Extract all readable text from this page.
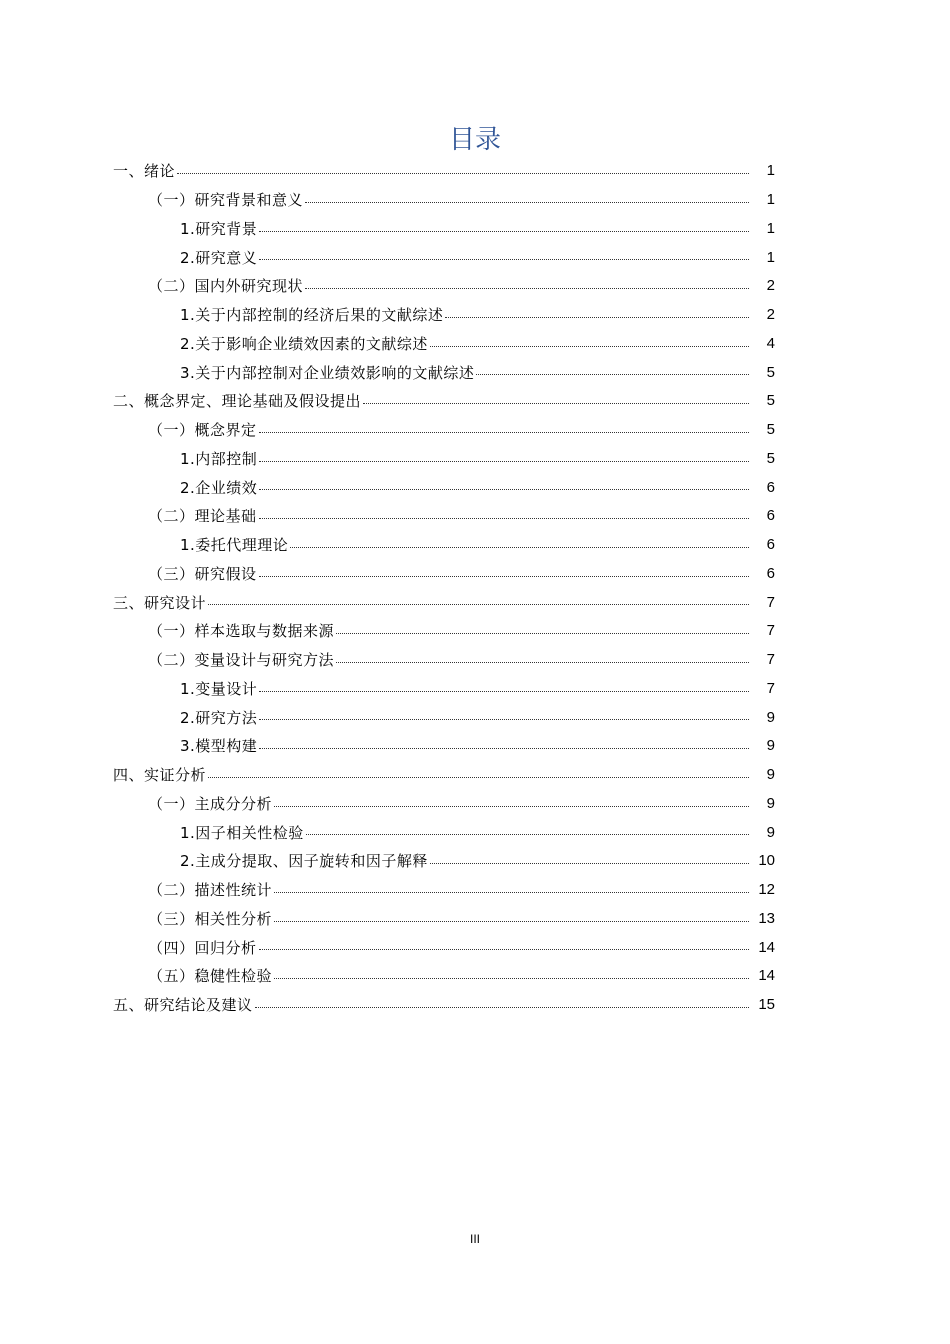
目录
一、绪论	1
（一）研究背景和意义	1
1.研究背景	1
2.研究意义	1
（二）国内外研究现状	2
1.关于内部控制的经济后果的文献综述	2
2.关于影响企业绩效因素的文献综述	4
3.关于内部控制对企业绩效影响的文献综述	5
二、概念界定、理论基础及假设提出	5
（一）概念界定	5
1.内部控制	5
2.企业绩效	6
（二）理论基础	6
1.委托代理理论	6
（三）研究假设	6
三、研究设计	7
（一）样本选取与数据来源	7
（二）变量设计与研究方法	7
1.变量设计	7
2.研究方法	9
3.模型构建	9
四、实证分析	9
（一）主成分分析	9
1.因子相关性检验	9
2.主成分提取、因子旋转和因子解释	10
（二）描述性统计	12
（三）相关性分析	13
（四）回归分析	14
（五）稳健性检验	14
五、研究结论及建议	15
III
